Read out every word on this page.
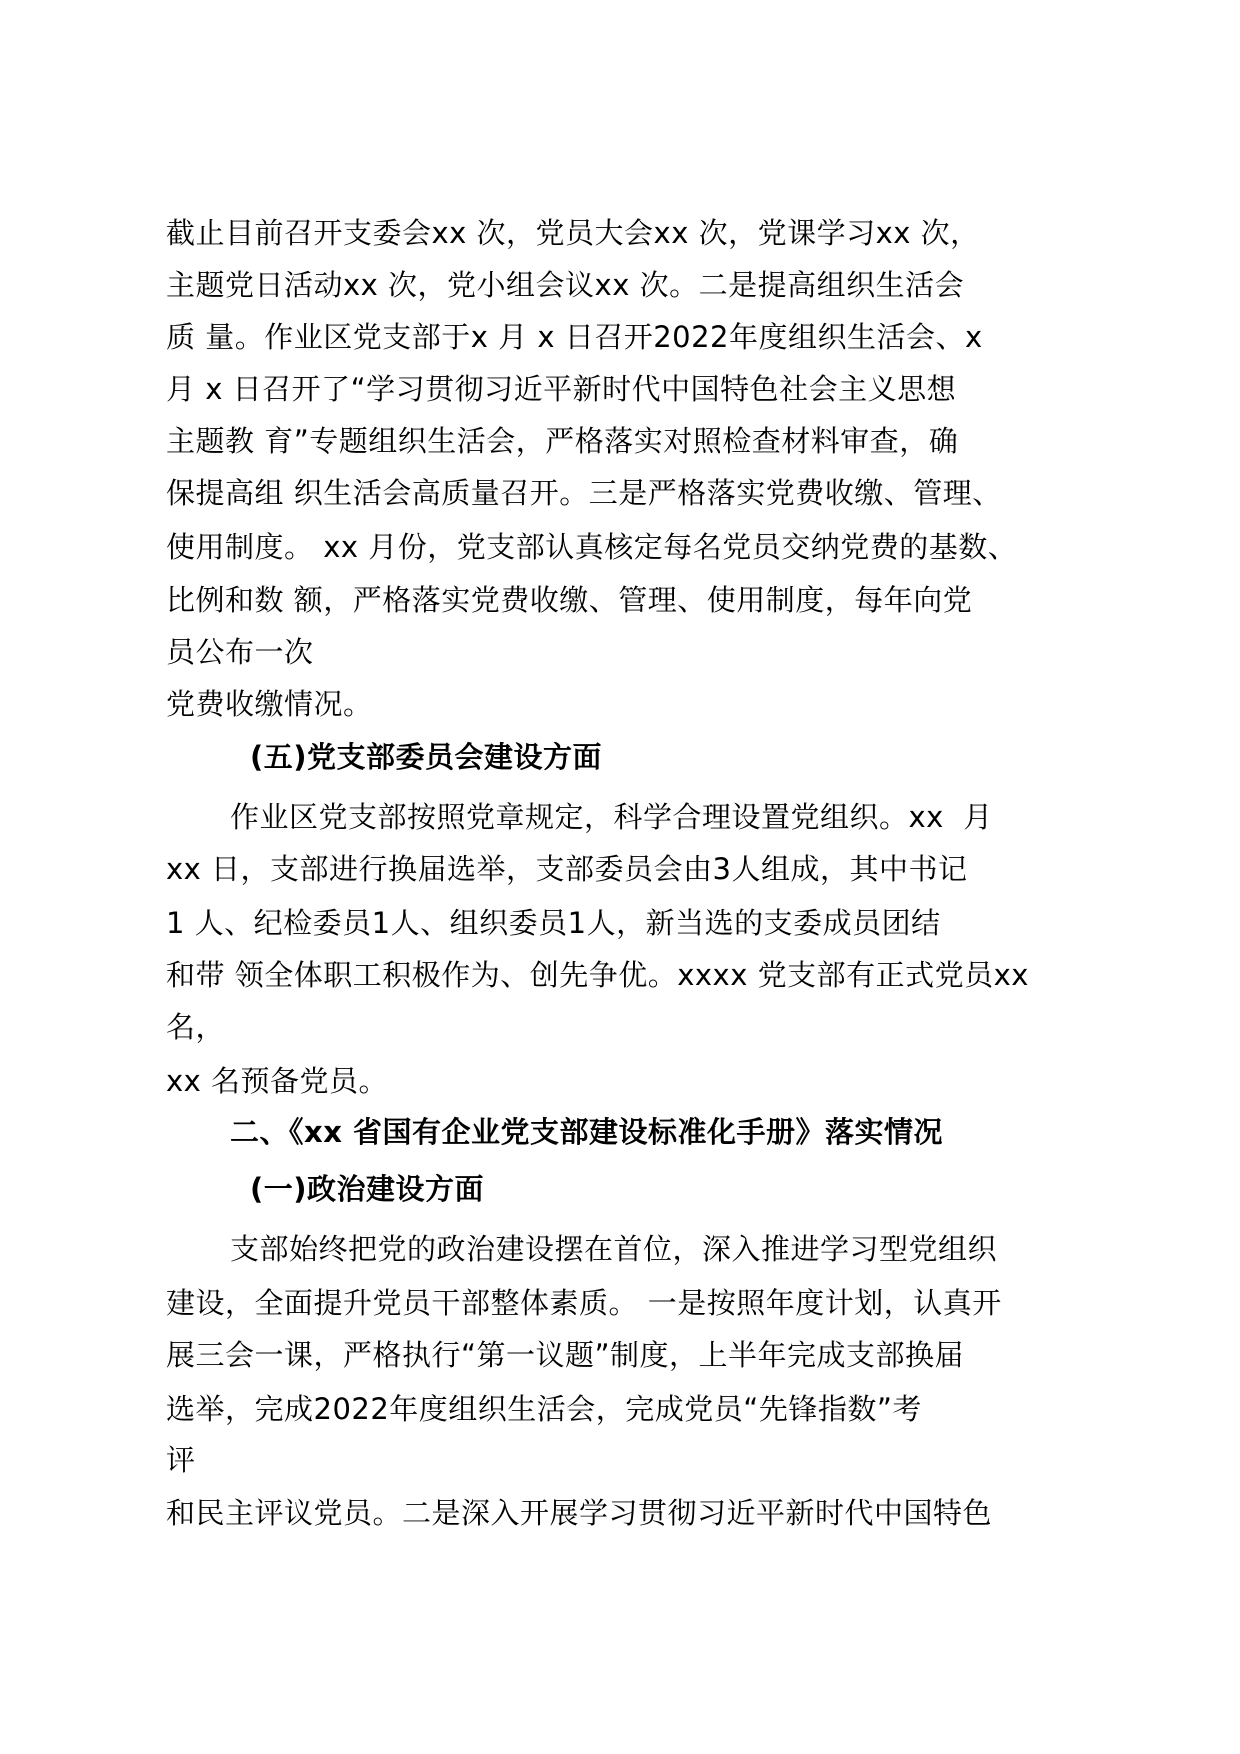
截止目前召开支委会xx 次，党员大会xx 次，党课学习xx 次，
主题党日活动xx 次，党小组会议xx 次。二是提高组织生活会
质 量。作业区党支部于x 月 x 日召开2022年度组织生活会、x
月 x 日召开了“学习贯彻习近平新时代中国特色社会主义思想
主题教 育”专题组织生活会，严格落实对照检查材料审查，确
保提高组 织生活会高质量召开。三是严格落实党费收缴、管理、
使用制度。 xx 月份，党支部认真核定每名党员交纳党费的基数、
比例和数 额，严格落实党费收缴、管理、使用制度，每年向党
员公布一次
党费收缴情况。
(五)党支部委员会建设方面
作业区党支部按照党章规定，科学合理设置党组织。xx  月
xx 日，支部进行换届选举，支部委员会由3人组成，其中书记
1 人、纪检委员1人、组织委员1人，新当选的支委成员团结
和带 领全体职工积极作为、创先争优。xxxx 党支部有正式党员xx
名，
xx 名预备党员。
二、《xx 省国有企业党支部建设标准化手册》落实情况
(一)政治建设方面
支部始终把党的政治建设摆在首位，深入推进学习型党组织
建设，全面提升党员干部整体素质。 一是按照年度计划，认真开
展三会一课，严格执行“第一议题”制度，上半年完成支部换届
选举，完成2022年度组织生活会，完成党员“先锋指数”考
评
和民主评议党员。二是深入开展学习贯彻习近平新时代中国特色
